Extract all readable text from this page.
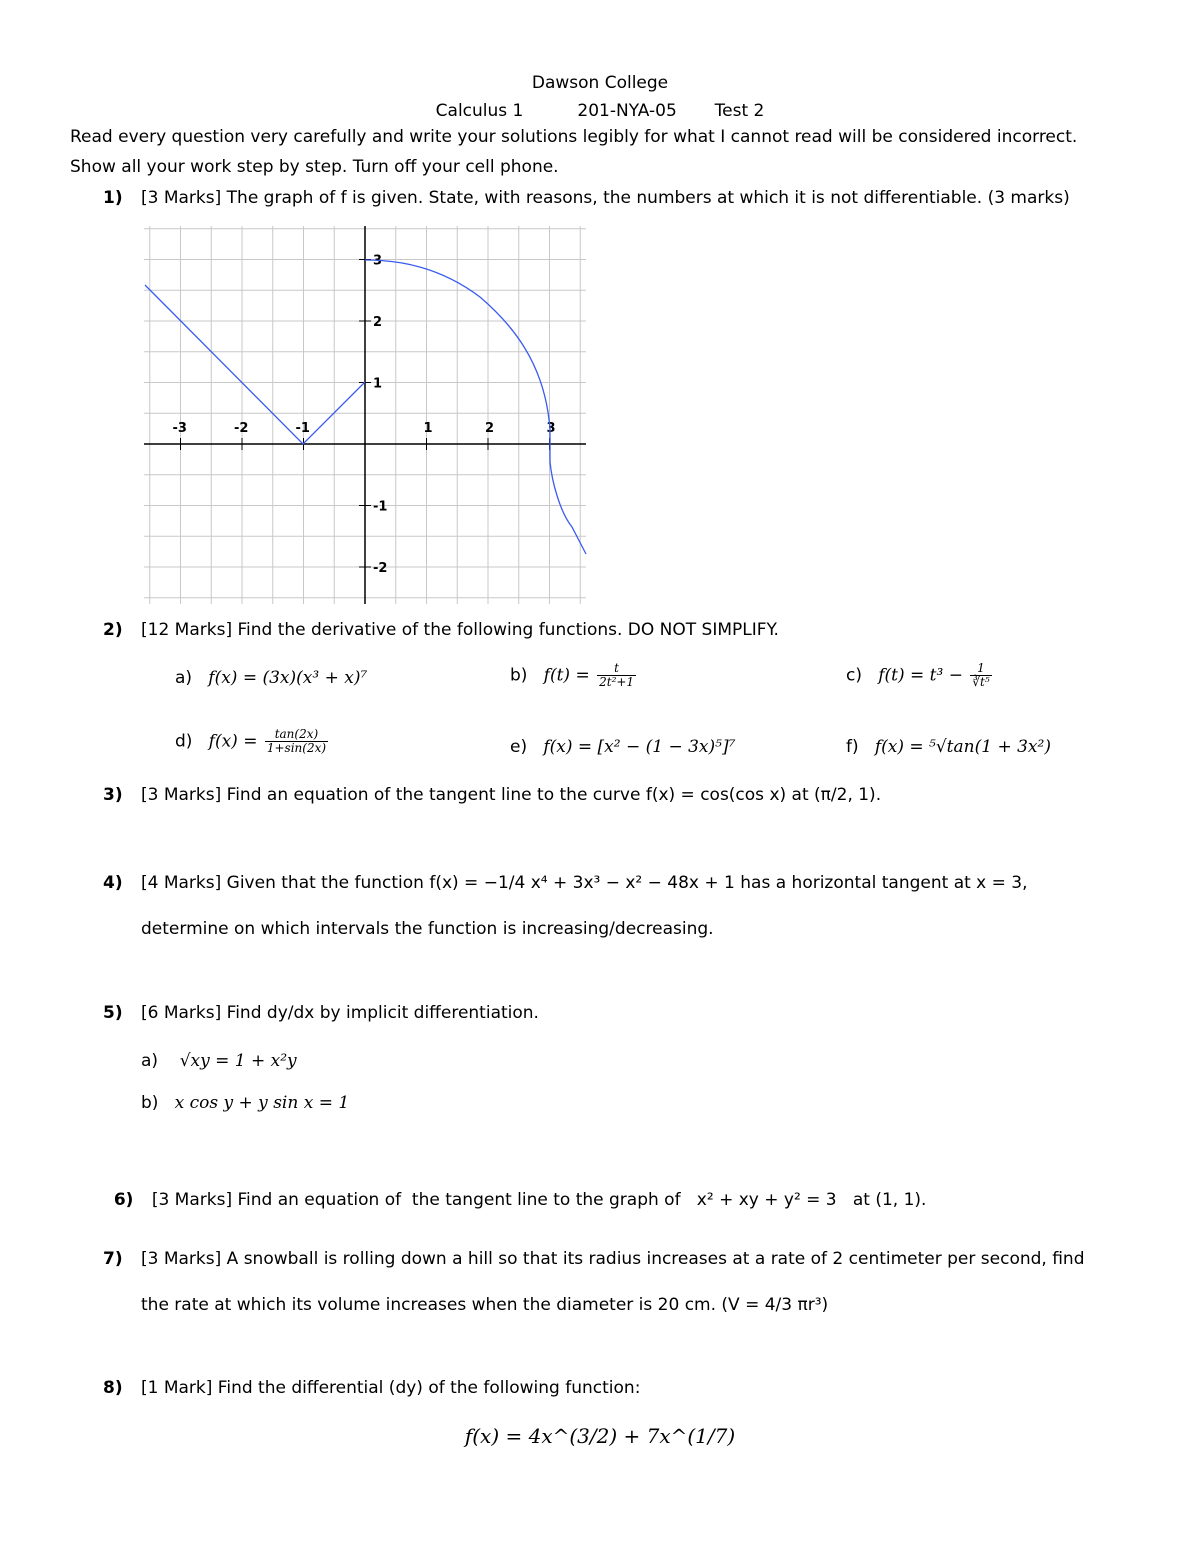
Dawson College
Calculus 1          201-NYA-05       Test 2
Read every question very carefully and write your solutions legibly for what I cannot read will be considered incorrect.
Show all your work step by step. Turn off your cell phone.
1) [3 Marks] The graph of f is given. State, with reasons, the numbers at which it is not differentiable. (3 marks)
-3	-2	-1	1	2	3
3
2
1
-1
-2
2) [12 Marks] Find the derivative of the following functions. DO NOT SIMPLIFY.
a) f(x) = (3x)(x³ + x)⁷	b) $f(t) = \frac{t}{\text{2t²+1}}$	c) $f(t) = t^3 - \frac{1}{\text{∛t⁵}}$
d) $f(x) = \frac{\tan(2x)}{1+\sin(2x)}$	e) f(x) = [x² − (1 − 3x)⁵]⁷	f) f(x) = ⁵√tan(1 + 3x²)
3) [3 Marks] Find an equation of the tangent line to the curve f(x) = cos(cos x) at (π/2, 1).
4) [4 Marks] Given that the function f(x) = −1/4 x⁴ + 3x³ − x² − 48x + 1 has a horizontal tangent at x = 3,
determine on which intervals the function is increasing/decreasing.
5) [6 Marks] Find dy/dx by implicit differentiation.
a) √xy = 1 + x²y
b) x cos y + y sin x = 1

6) [3 Marks] Find an equation of  the tangent line to the graph of   x² + xy + y² = 3   at (1, 1).

7) [3 Marks] A snowball is rolling down a hill so that its radius increases at a rate of 2 centimeter per second, find
the rate at which its volume increases when the diameter is 20 cm. (V = 4/3 πr³)
8) [1 Mark] Find the differential (dy) of the following function:
f(x) = 4x^(3/2) + 7x^(1/7)
